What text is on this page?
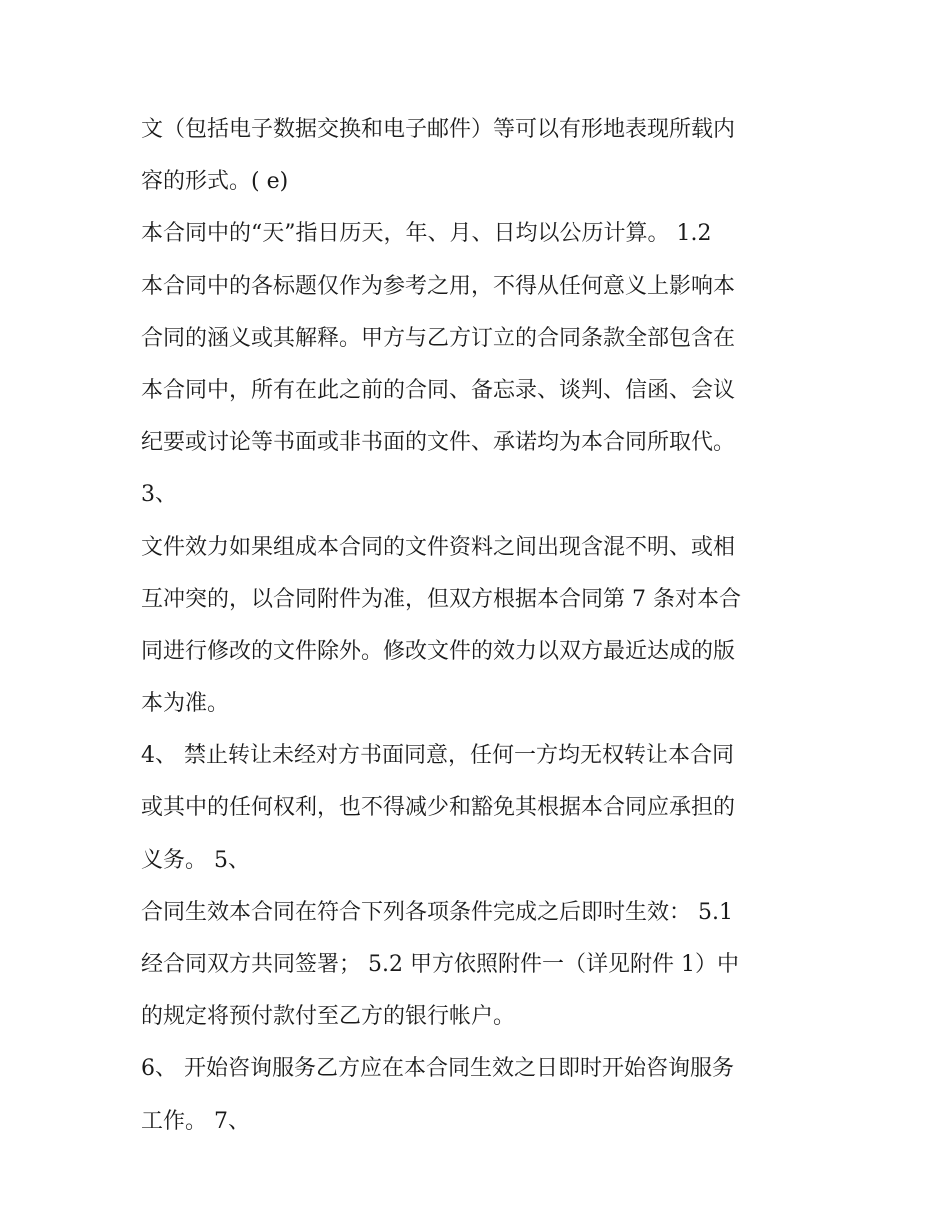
文（包括电子数据交换和电子邮件）等可以有形地表现所载内
容的形式。( e)
本合同中的“天”指日历天，年、月、日均以公历计算。 1.2
本合同中的各标题仅作为参考之用，不得从任何意义上影响本
合同的涵义或其解释。甲方与乙方订立的合同条款全部包含在
本合同中，所有在此之前的合同、备忘录、谈判、信函、会议
纪要或讨论等书面或非书面的文件、承诺均为本合同所取代。
3、
文件效力如果组成本合同的文件资料之间出现含混不明、或相
互冲突的，以合同附件为准，但双方根据本合同第 7 条对本合
同进行修改的文件除外。修改文件的效力以双方最近达成的版
本为准。
4、 禁止转让未经对方书面同意，任何一方均无权转让本合同
或其中的任何权利，也不得减少和豁免其根据本合同应承担的
义务。 5、
合同生效本合同在符合下列各项条件完成之后即时生效： 5.1
经合同双方共同签署； 5.2 甲方依照附件一（详见附件 1）中
的规定将预付款付至乙方的银行帐户。
6、 开始咨询服务乙方应在本合同生效之日即时开始咨询服务
工作。 7、
